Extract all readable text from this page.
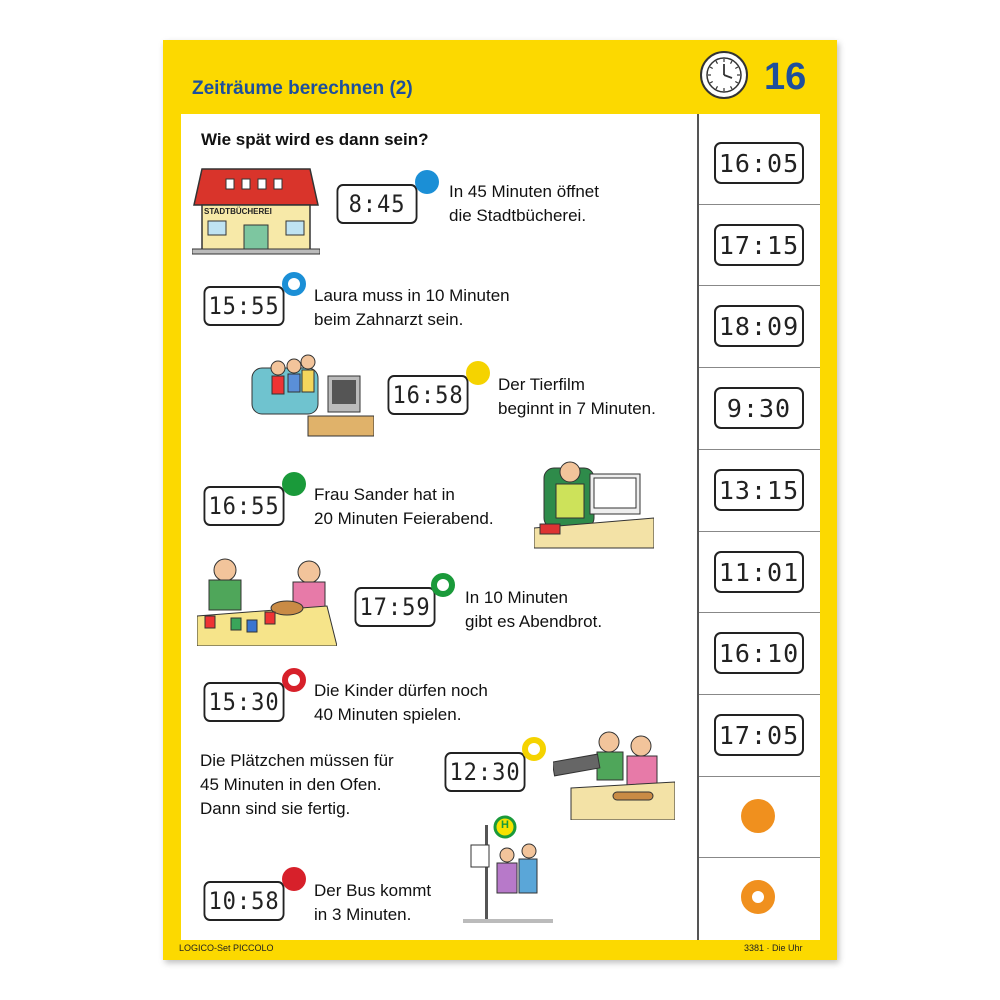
Zeiträume berechnen (2)	16
Wie spät wird es dann sein?
STADTBÜCHEREI	8:45	In 45 Minuten öffnet
die Stadtbücherei.
15:55 Laura muss in 10 Minuten
beim Zahnarzt sein.
16:58 Der Tierfilm
beginnt in 7 Minuten.
16:55 Frau Sander hat in
20 Minuten Feierabend.
17:59 In 10 Minuten
gibt es Abendbrot.
15:30 Die Kinder dürfen noch
40 Minuten spielen.
Die Plätzchen müssen für
45 Minuten in den Ofen.
Dann sind sie fertig.
12:30
10:58 Der Bus kommt
in 3 Minuten.
H
16:05
17:15
18:09
9:30
13:15
11:01
16:10
17:05
LOGICO-Set PICCOLO	3381 · Die Uhr
